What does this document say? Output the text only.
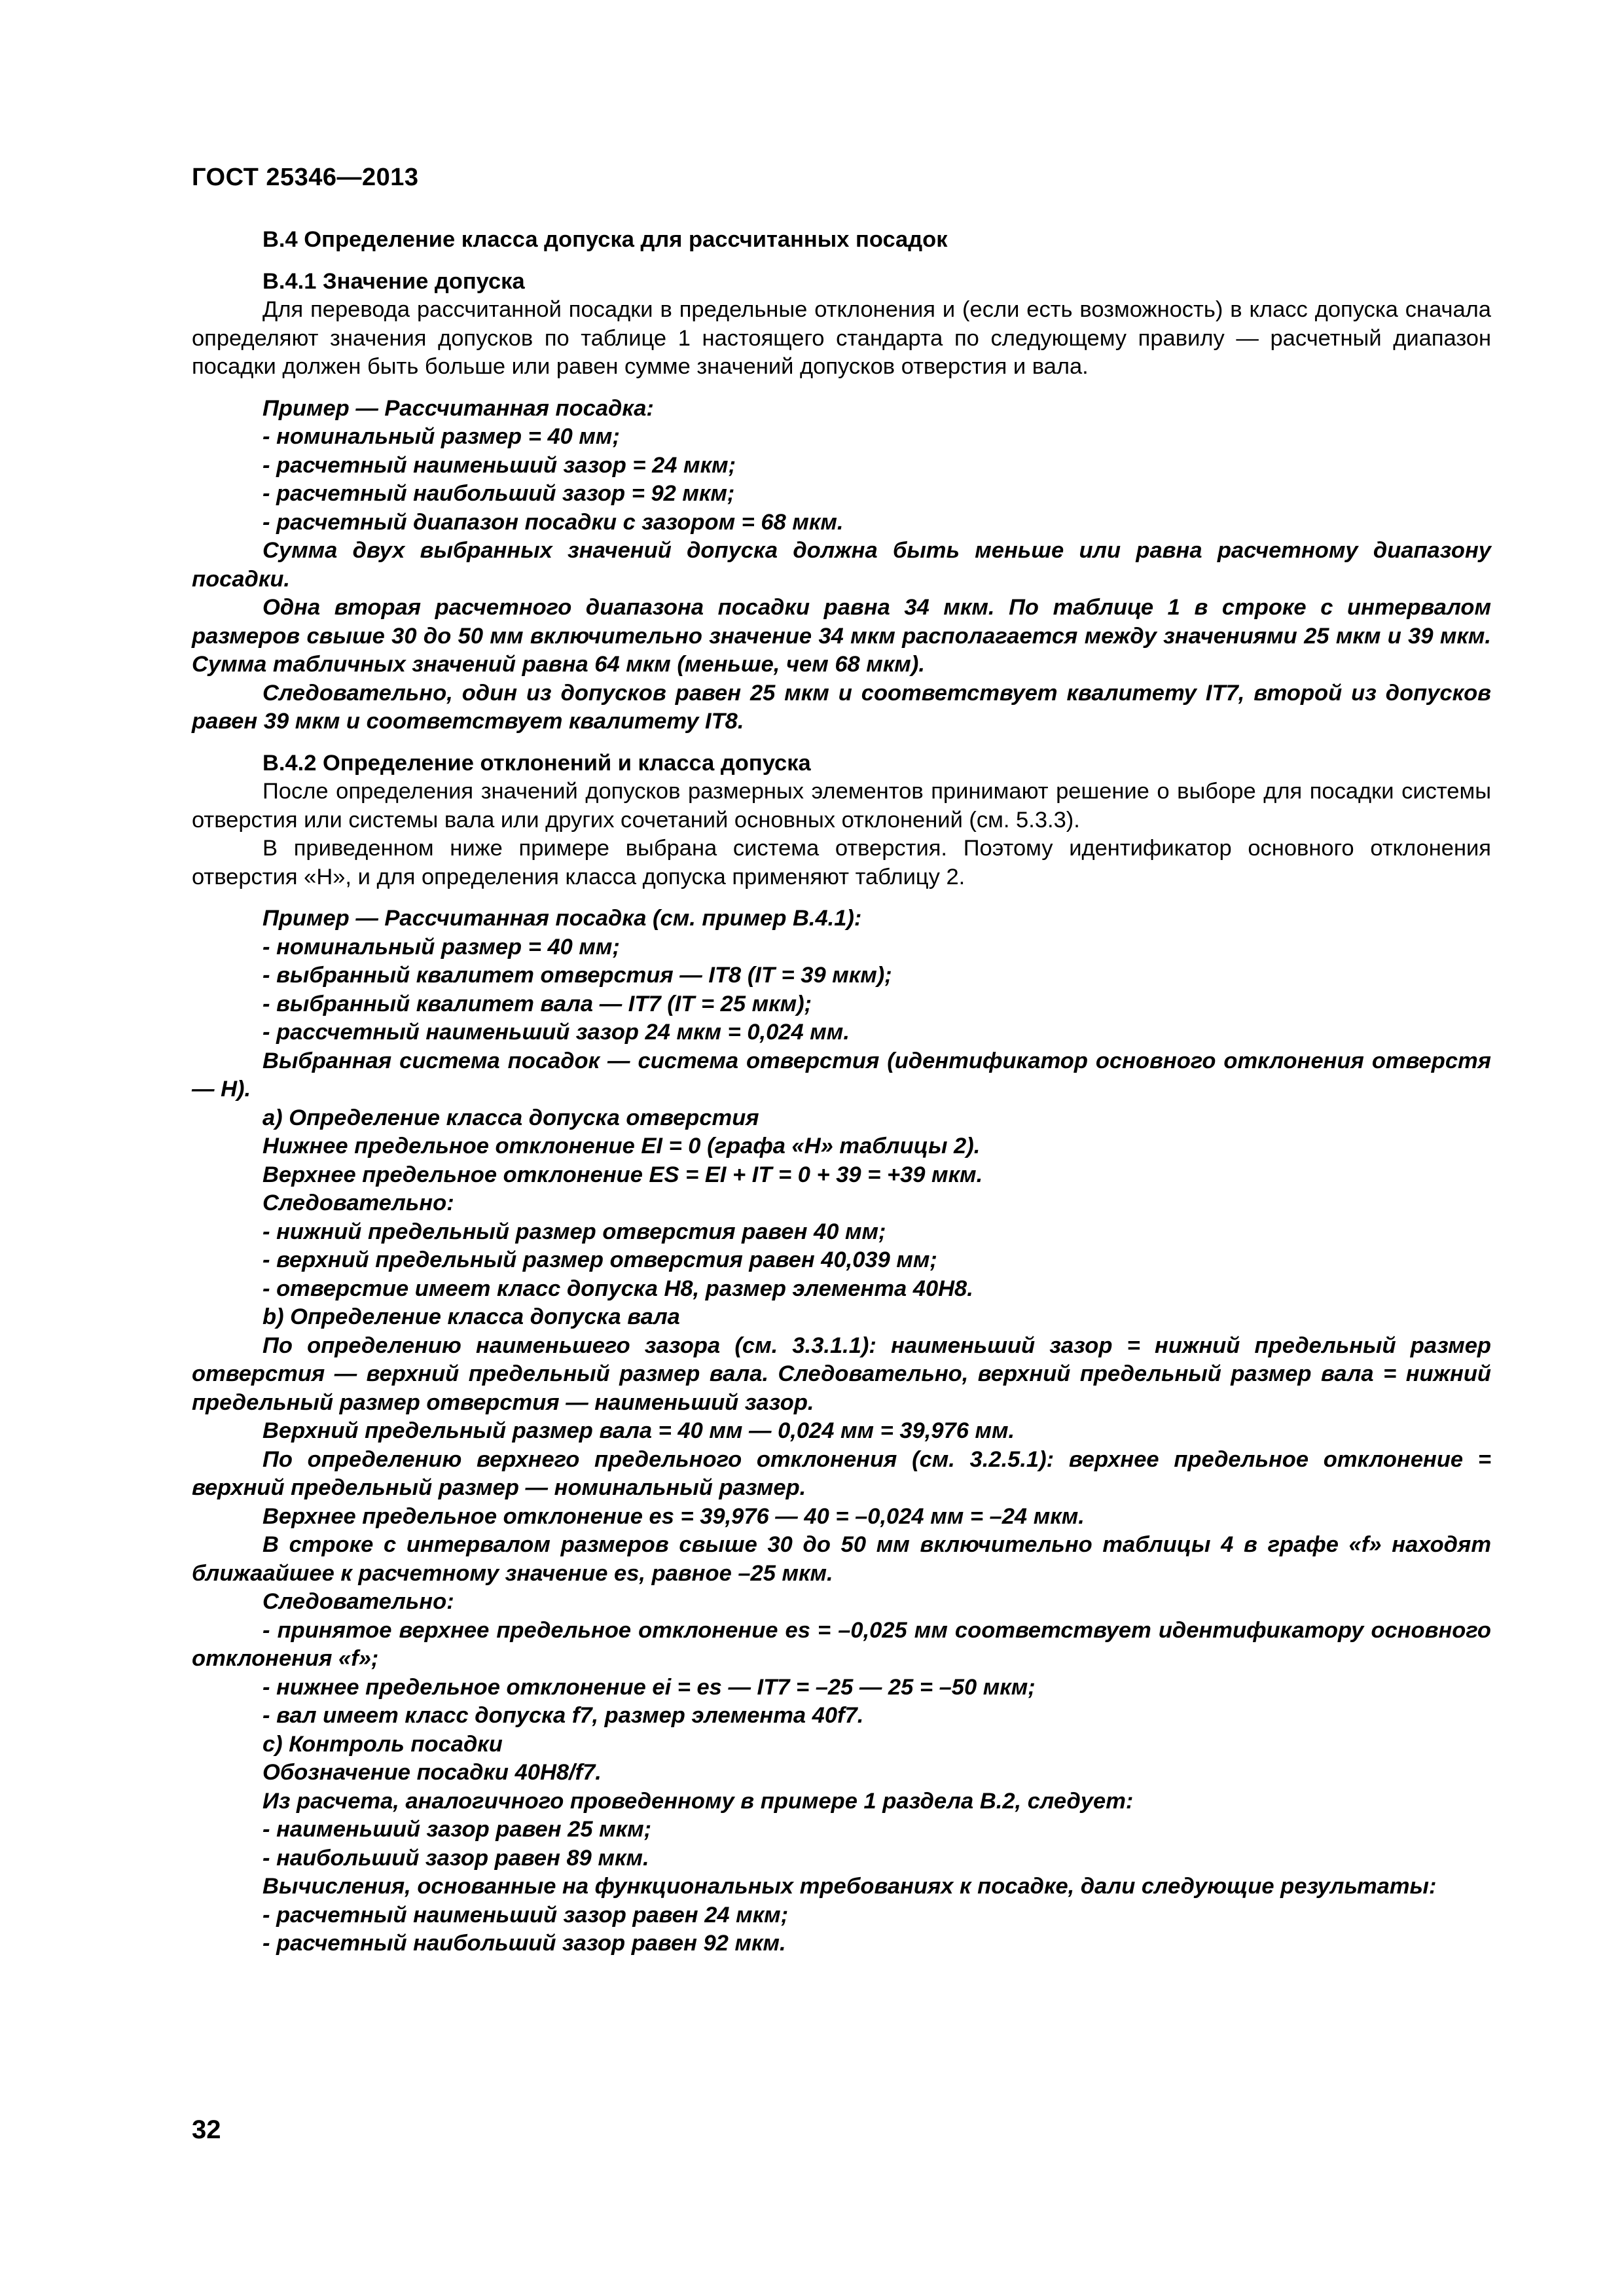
ГОСТ 25346—2013

В.4 Определение класса допуска для рассчитанных посадок

В.4.1 Значение допуска

Для перевода рассчитанной посадки в предельные отклонения и (если есть возможность) в класс допуска сначала определяют значения допусков по таблице 1 настоящего стандарта по следующему правилу — расчетный диапазон посадки должен быть больше или равен сумме значений допусков отверстия и вала.

Пример — Рассчитанная посадка:

- номинальный размер = 40 мм;

- расчетный наименьший зазор = 24 мкм;

- расчетный наибольший зазор = 92 мкм;

- расчетный диапазон посадки с зазором = 68 мкм.

Сумма двух выбранных значений допуска должна быть меньше или равна расчетному диапазону посадки.

Одна вторая расчетного диапазона посадки равна 34 мкм. По таблице 1 в строке с интервалом размеров свыше 30 до 50 мм включительно значение 34 мкм располагается между значениями 25 мкм и 39 мкм. Сумма табличных значений равна 64 мкм (меньше, чем 68 мкм).

Следовательно, один из допусков равен 25 мкм и соответствует квалитету IT7, второй из допусков равен 39 мкм и соответствует квалитету IT8.

В.4.2 Определение отклонений и класса допуска

После определения значений допусков размерных элементов принимают решение о выборе для посадки системы отверстия или системы вала или других сочетаний основных отклонений (см. 5.3.3).

В приведенном ниже примере выбрана система отверстия. Поэтому идентификатор основного отклонения отверстия «H», и для определения класса допуска применяют таблицу 2.

Пример — Рассчитанная посадка (см. пример В.4.1):

- номинальный размер = 40 мм;

- выбранный квалитет отверстия — IT8 (IT = 39 мкм);

- выбранный квалитет вала — IT7 (IT = 25 мкм);

- рассчетный наименьший зазор 24 мкм = 0,024 мм.

Выбранная система посадок — система отверстия (идентификатор основного отклонения отверстя — H).

a) Определение класса допуска отверстия

Нижнее предельное отклонение EI = 0 (графа «H» таблицы 2).

Верхнее предельное отклонение ES = EI + IT = 0 + 39 = +39 мкм.

Следовательно:

- нижний предельный размер отверстия равен 40 мм;

- верхний предельный размер отверстия равен 40,039 мм;

- отверстие имеет класс допуска H8, размер элемента 40H8.

b) Определение класса допуска вала

По определению наименьшего зазора (см. 3.3.1.1): наименьший зазор = нижний предельный размер отверстия — верхний предельный размер вала. Следовательно, верхний предельный размер вала = нижний предельный размер отверстия — наименьший зазор.

Верхний предельный размер вала = 40 мм — 0,024 мм = 39,976 мм.

По определению верхнего предельного отклонения (см. 3.2.5.1): верхнее предельное отклонение = верхний предельный размер — номинальный размер.

Верхнее предельное отклонение es = 39,976 — 40 = –0,024 мм = –24 мкм.

В строке с интервалом размеров свыше 30 до 50 мм включительно таблицы 4 в графе «f» находят ближаайшее к расчетному значение es, равное –25 мкм.

Следовательно:

- принятое верхнее предельное отклонение es = –0,025 мм соответствует идентификатору основного отклонения «f»;

- нижнее предельное отклонение ei = es — IT7 = –25 — 25 = –50 мкм;

- вал имеет класс допуска f7, размер элемента 40f7.

c) Контроль посадки

Обозначение посадки 40H8/f7.

Из расчета, аналогичного проведенному в примере 1 раздела В.2, следует:

- наименьший зазор равен 25 мкм;

- наибольший зазор равен 89 мкм.

Вычисления, основанные на функциональных требованиях к посадке, дали следующие результаты:

- расчетный наименьший зазор равен 24 мкм;

- расчетный наибольший зазор равен 92 мкм.

32
